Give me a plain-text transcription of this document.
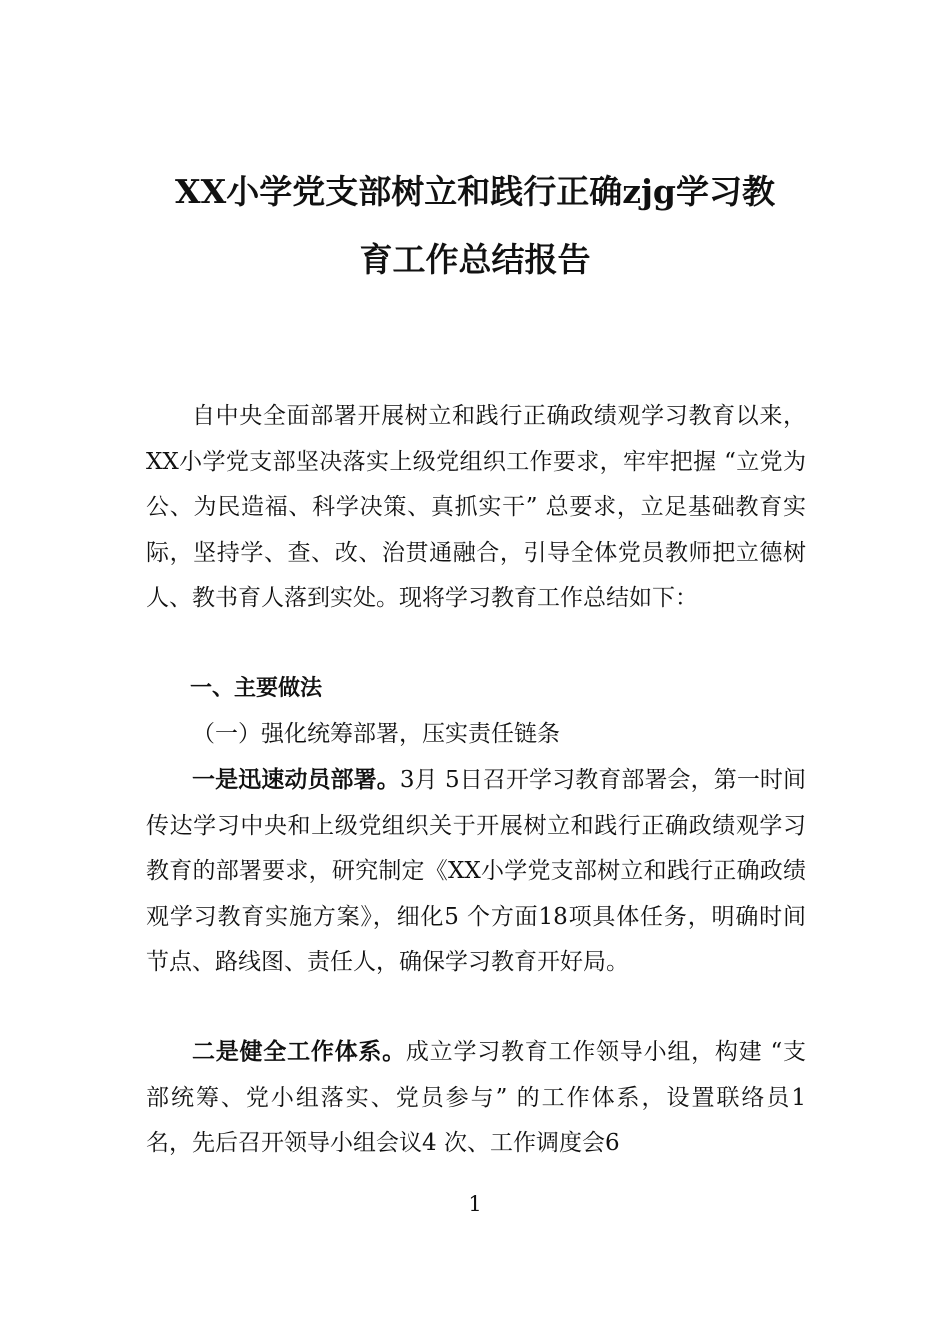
XX小学党支部树立和践行正确zjg学习教
育工作总结报告

自中央全面部署开展树立和践行正确政绩观学习教育以来，XX小学党支部坚决落实上级党组织工作要求，牢牢把握 “立党为公、为民造福、科学决策、真抓实干” 总要求，立足基础教育实际，坚持学、查、改、治贯通融合，引导全体党员教师把立德树人、教书育人落到实处。现将学习教育工作总结如下：

一、主要做法

（一）强化统筹部署，压实责任链条

一是迅速动员部署。3月 5日召开学习教育部署会，第一时间传达学习中央和上级党组织关于开展树立和践行正确政绩观学习教育的部署要求，研究制定《XX小学党支部树立和践行正确政绩观学习教育实施方案》，细化5 个方面18项具体任务，明确时间节点、路线图、责任人，确保学习教育开好局。

二是健全工作体系。成立学习教育工作领导小组，构建 “支部统筹、党小组落实、党员参与” 的工作体系，设置联络员1 名，先后召开领导小组会议4 次、工作调度会6

1
